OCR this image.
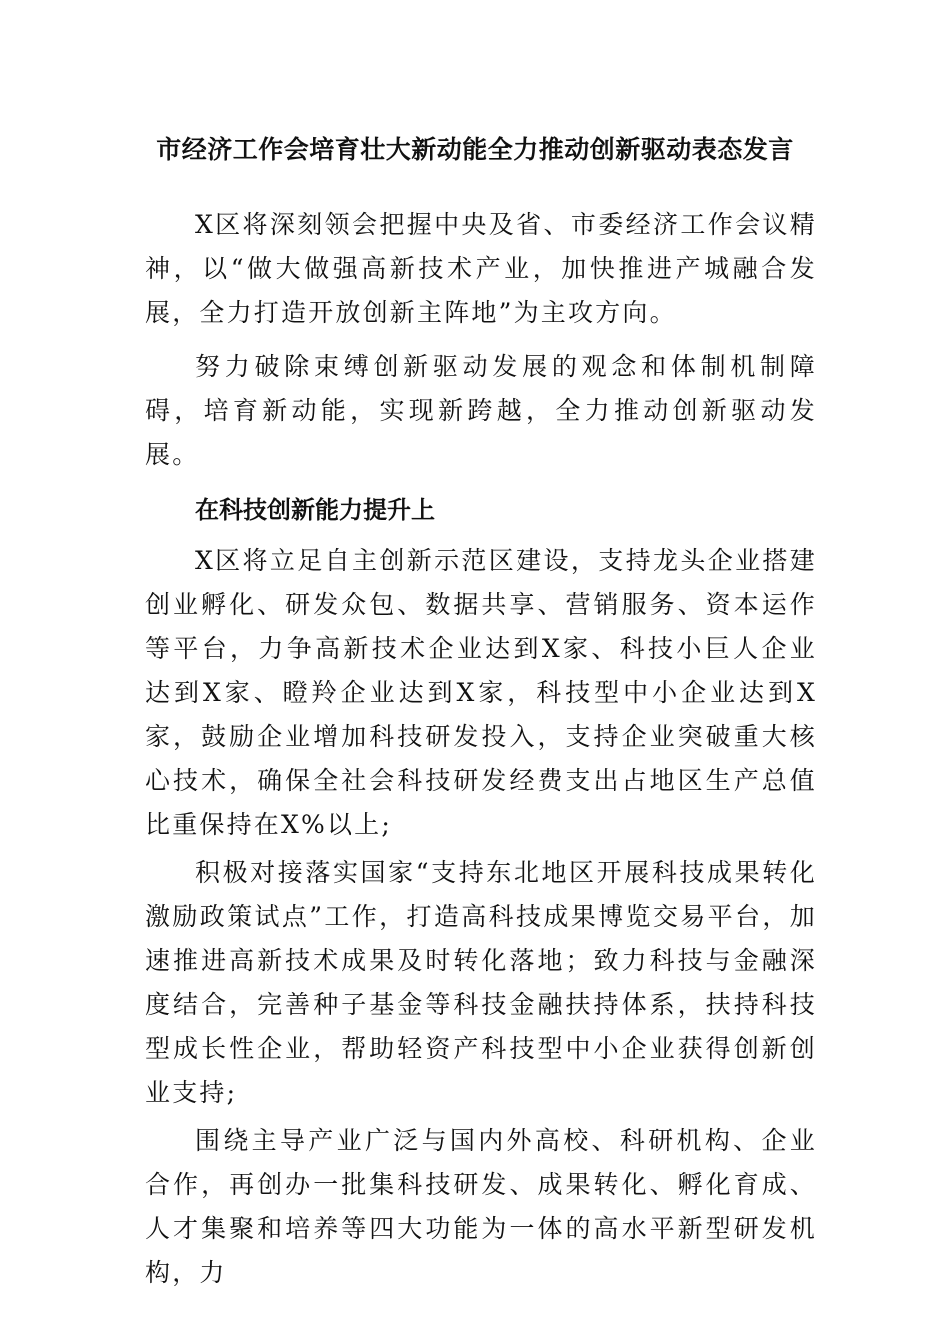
市经济工作会培育壮大新动能全力推动创新驱动表态发言

X区将深刻领会把握中央及省、市委经济工作会议精神，以“做大做强高新技术产业，加快推进产城融合发展，全力打造开放创新主阵地”为主攻方向。

努力破除束缚创新驱动发展的观念和体制机制障碍，培育新动能，实现新跨越，全力推动创新驱动发展。

在科技创新能力提升上

X区将立足自主创新示范区建设，支持龙头企业搭建创业孵化、研发众包、数据共享、营销服务、资本运作等平台，力争高新技术企业达到X家、科技小巨人企业达到X家、瞪羚企业达到X家，科技型中小企业达到X家，鼓励企业增加科技研发投入，支持企业突破重大核心技术，确保全社会科技研发经费支出占地区生产总值比重保持在X%以上;

积极对接落实国家“支持东北地区开展科技成果转化激励政策试点”工作，打造高科技成果博览交易平台，加速推进高新技术成果及时转化落地；致力科技与金融深度结合，完善种子基金等科技金融扶持体系，扶持科技型成长性企业，帮助轻资产科技型中小企业获得创新创业支持;

围绕主导产业广泛与国内外高校、科研机构、企业合作，再创办一批集科技研发、成果转化、孵化育成、人才集聚和培养等四大功能为一体的高水平新型研发机构，力
